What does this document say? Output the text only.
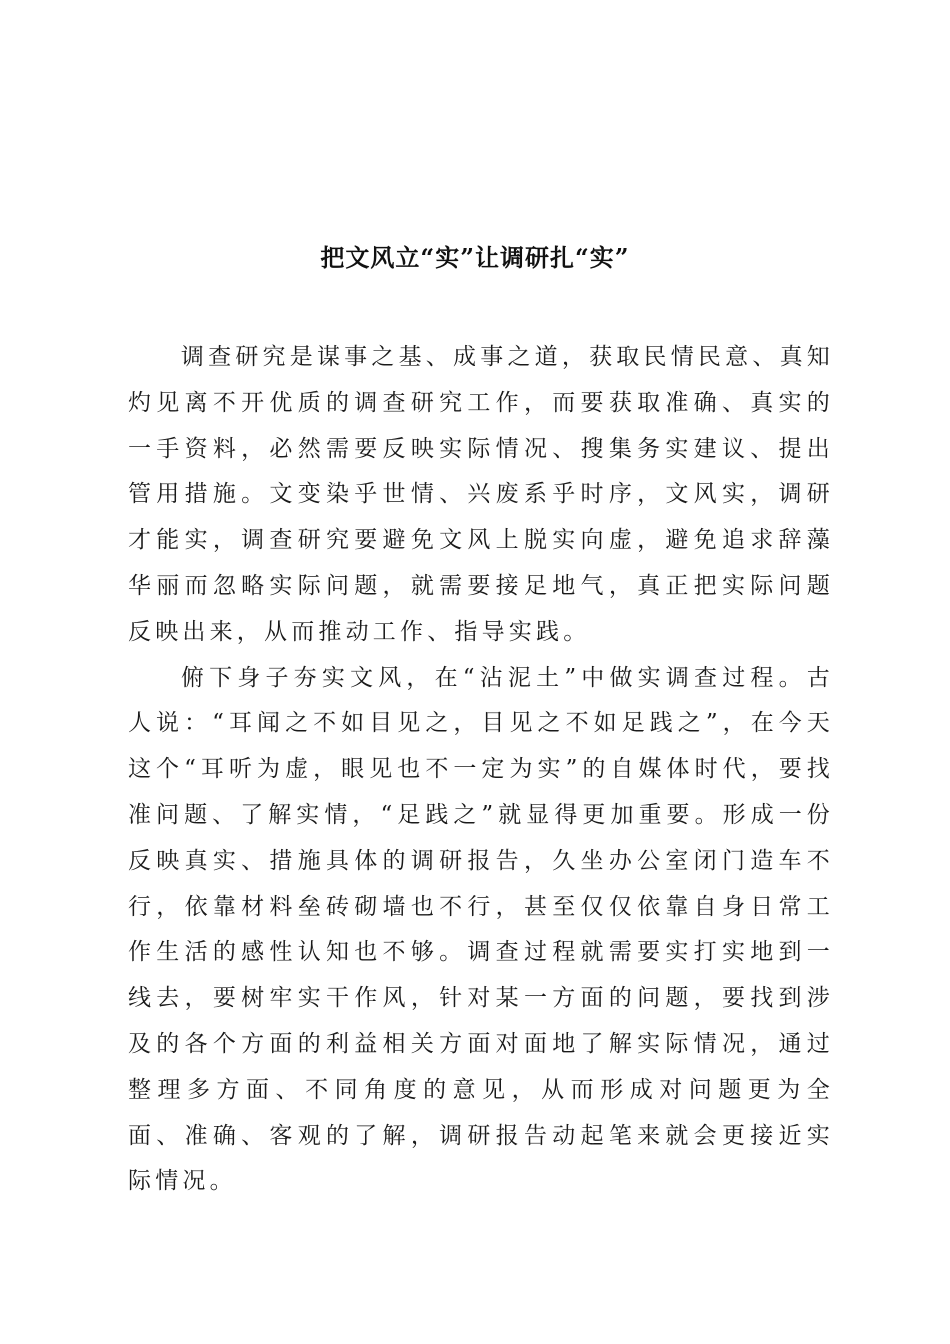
把文风立“实”让调研扎“实”

调查研究是谋事之基、成事之道，获取民情民意、真知灼见离不开优质的调查研究工作，而要获取准确、真实的一手资料，必然需要反映实际情况、搜集务实建议、提出管用措施。文变染乎世情、兴废系乎时序，文风实，调研才能实，调查研究要避免文风上脱实向虚，避免追求辞藻华丽而忽略实际问题，就需要接足地气，真正把实际问题反映出来，从而推动工作、指导实践。

俯下身子夯实文风，在“沾泥土”中做实调查过程。古人说：“耳闻之不如目见之，目见之不如足践之”，在今天这个“耳听为虚，眼见也不一定为实”的自媒体时代，要找准问题、了解实情，“足践之”就显得更加重要。形成一份反映真实、措施具体的调研报告，久坐办公室闭门造车不行，依靠材料垒砖砌墙也不行，甚至仅仅依靠自身日常工作生活的感性认知也不够。调查过程就需要实打实地到一线去，要树牢实干作风，针对某一方面的问题，要找到涉及的各个方面的利益相关方面对面地了解实际情况，通过整理多方面、不同角度的意见，从而形成对问题更为全面、准确、客观的了解，调研报告动起笔来就会更接近实际情况。
